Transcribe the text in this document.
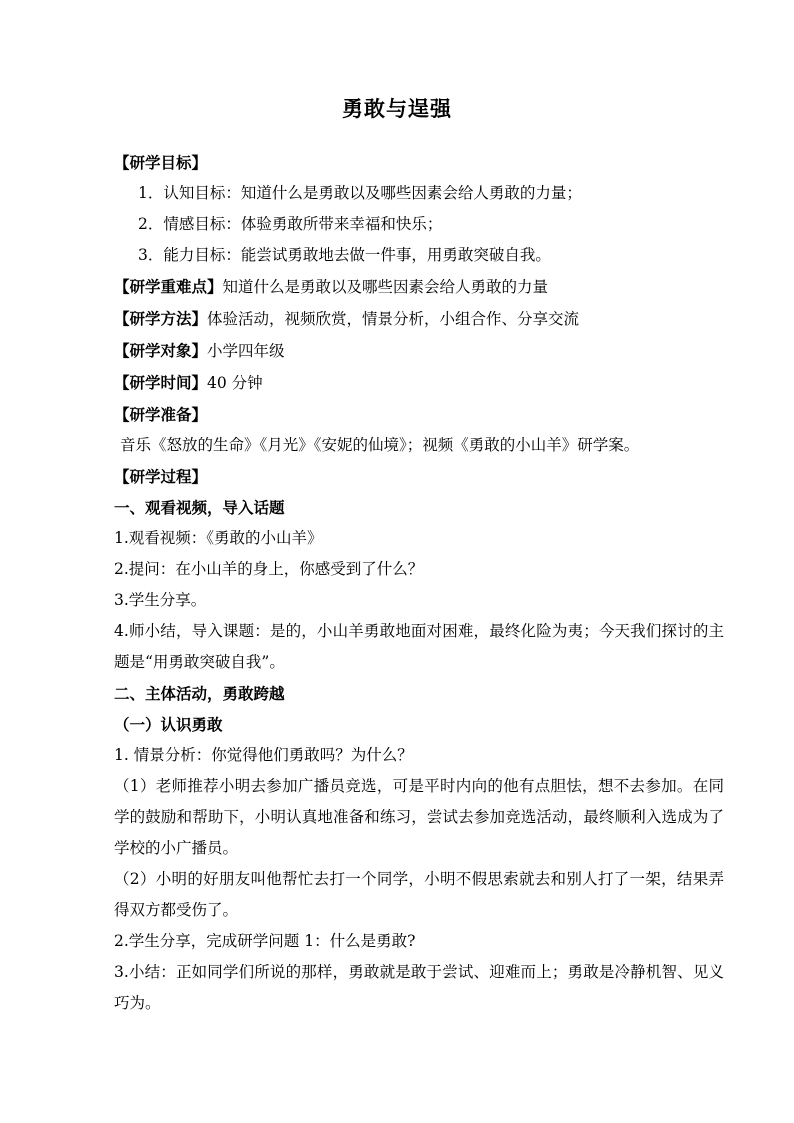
勇敢与逞强
【研学目标】
1．认知目标：知道什么是勇敢以及哪些因素会给人勇敢的力量；
2．情感目标：体验勇敢所带来幸福和快乐；
3．能力目标：能尝试勇敢地去做一件事，用勇敢突破自我。
【研学重难点】知道什么是勇敢以及哪些因素会给人勇敢的力量
【研学方法】体验活动，视频欣赏，情景分析，小组合作、分享交流
【研学对象】小学四年级
【研学时间】40 分钟
【研学准备】
音乐《怒放的生命》《月光》《安妮的仙境》；视频《勇敢的小山羊》研学案。
【研学过程】
一、观看视频，导入话题
1.观看视频：《勇敢的小山羊》
2.提问：在小山羊的身上，你感受到了什么？
3.学生分享。
4.师小结，导入课题：是的，小山羊勇敢地面对困难，最终化险为夷；今天我们探讨的主题是“用勇敢突破自我”。
二、主体活动，勇敢跨越
（一）认识勇敢
1. 情景分析：你觉得他们勇敢吗？为什么？
（1）老师推荐小明去参加广播员竞选，可是平时内向的他有点胆怯，想不去参加。在同学的鼓励和帮助下，小明认真地准备和练习，尝试去参加竞选活动，最终顺利入选成为了学校的小广播员。
（2）小明的好朋友叫他帮忙去打一个同学，小明不假思索就去和别人打了一架，结果弄得双方都受伤了。
2.学生分享，完成研学问题 1：什么是勇敢?
3.小结：正如同学们所说的那样，勇敢就是敢于尝试、迎难而上；勇敢是冷静机智、见义巧为。
